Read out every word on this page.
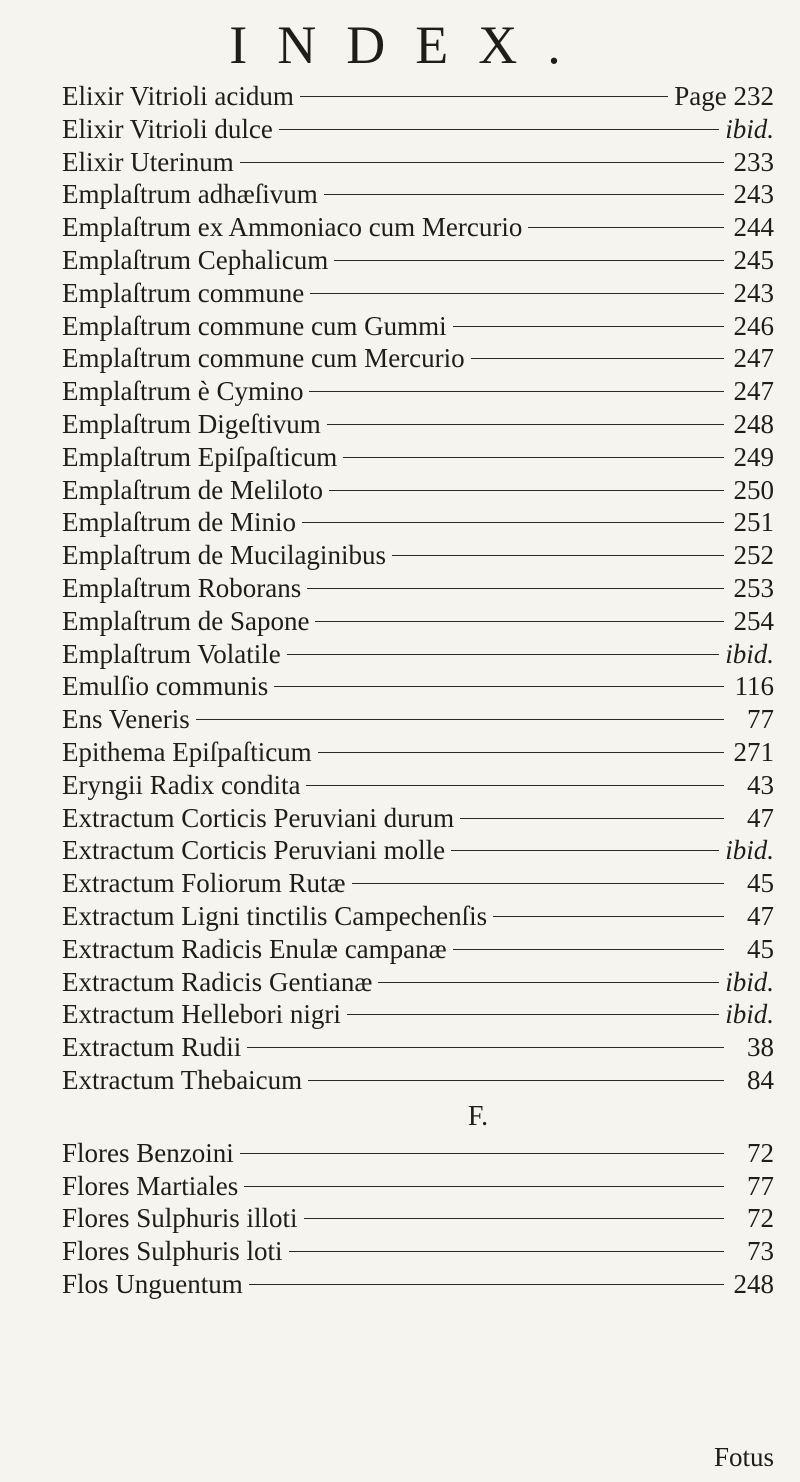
INDEX.
Elixir Vitrioli acidum	Page 232
Elixir Vitrioli dulce	ibid.
Elixir Uterinum	233
Emplaſtrum adhæſivum	243
Emplaſtrum ex Ammoniaco cum Mercurio	244
Emplaſtrum Cephalicum	245
Emplaſtrum commune	243
Emplaſtrum commune cum Gummi	246
Emplaſtrum commune cum Mercurio	247
Emplaſtrum è Cymino	247
Emplaſtrum Digeſtivum	248
Emplaſtrum Epiſpaſticum	249
Emplaſtrum de Meliloto	250
Emplaſtrum de Minio	251
Emplaſtrum de Mucilaginibus	252
Emplaſtrum Roborans	253
Emplaſtrum de Sapone	254
Emplaſtrum Volatile	ibid.
Emulſio communis	116
Ens Veneris	77
Epithema Epiſpaſticum	271
Eryngii Radix condita	43
Extractum Corticis Peruviani durum	47
Extractum Corticis Peruviani molle	ibid.
Extractum Foliorum Rutæ	45
Extractum Ligni tinctilis Campechenſis	47
Extractum Radicis Enulæ campanæ	45
Extractum Radicis Gentianæ	ibid.
Extractum Hellebori nigri	ibid.
Extractum Rudii	38
Extractum Thebaicum	84
F.
Flores Benzoini	72
Flores Martiales	77
Flores Sulphuris illoti	72
Flores Sulphuris loti	73
Flos Unguentum	248
Fotus
